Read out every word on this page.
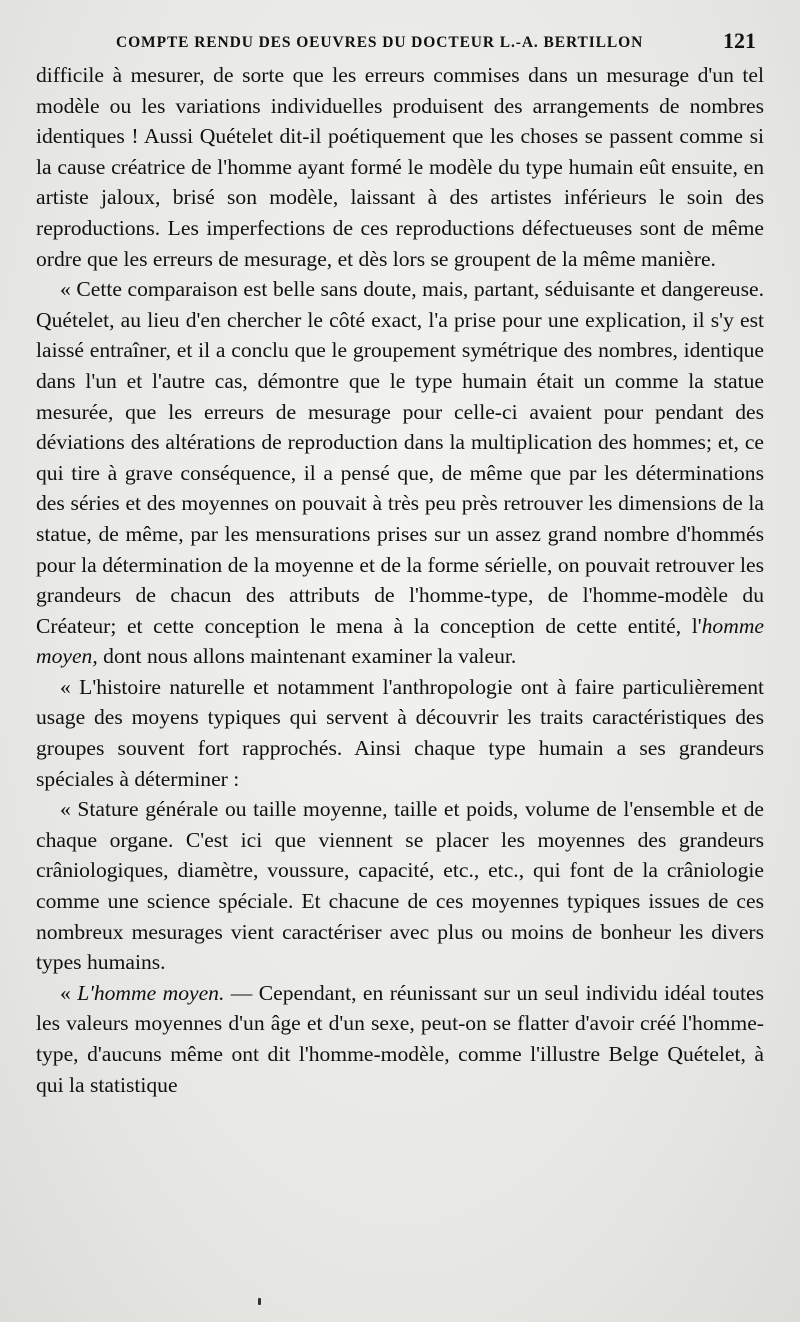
COMPTE RENDU DES OEUVRES DU DOCTEUR L.-A. BERTILLON	121

difficile à mesurer, de sorte que les erreurs commises dans un mesurage d'un tel modèle ou les variations individuelles produisent des arrangements de nombres identiques ! Aussi Quételet dit-il poétiquement que les choses se passent comme si la cause créatrice de l'homme ayant formé le modèle du type humain eût ensuite, en artiste jaloux, brisé son modèle, laissant à des artistes inférieurs le soin des reproductions. Les imperfections de ces reproductions défectueuses sont de même ordre que les erreurs de mesurage, et dès lors se groupent de la même manière.

« Cette comparaison est belle sans doute, mais, partant, séduisante et dangereuse. Quételet, au lieu d'en chercher le côté exact, l'a prise pour une explication, il s'y est laissé entraîner, et il a conclu que le groupement symétrique des nombres, identique dans l'un et l'autre cas, démontre que le type humain était un comme la statue mesurée, que les erreurs de mesurage pour celle-ci avaient pour pendant des déviations des altérations de reproduction dans la multiplication des hommes; et, ce qui tire à grave conséquence, il a pensé que, de même que par les déterminations des séries et des moyennes on pouvait à très peu près retrouver les dimensions de la statue, de même, par les mensurations prises sur un assez grand nombre d'hommés pour la détermination de la moyenne et de la forme sérielle, on pouvait retrouver les grandeurs de chacun des attributs de l'homme-type, de l'homme-modèle du Créateur; et cette conception le mena à la conception de cette entité, l'homme moyen, dont nous allons maintenant examiner la valeur.

« L'histoire naturelle et notamment l'anthropologie ont à faire particulièrement usage des moyens typiques qui servent à découvrir les traits caractéristiques des groupes souvent fort rapprochés. Ainsi chaque type humain a ses grandeurs spéciales à déterminer :

« Stature générale ou taille moyenne, taille et poids, volume de l'ensemble et de chaque organe. C'est ici que viennent se placer les moyennes des grandeurs crâniologiques, diamètre, voussure, capacité, etc., etc., qui font de la crâniologie comme une science spéciale. Et chacune de ces moyennes typiques issues de ces nombreux mesurages vient caractériser avec plus ou moins de bonheur les divers types humains.

« L'homme moyen. — Cependant, en réunissant sur un seul individu idéal toutes les valeurs moyennes d'un âge et d'un sexe, peut-on se flatter d'avoir créé l'homme-type, d'aucuns même ont dit l'homme-modèle, comme l'illustre Belge Quételet, à qui la statistique
